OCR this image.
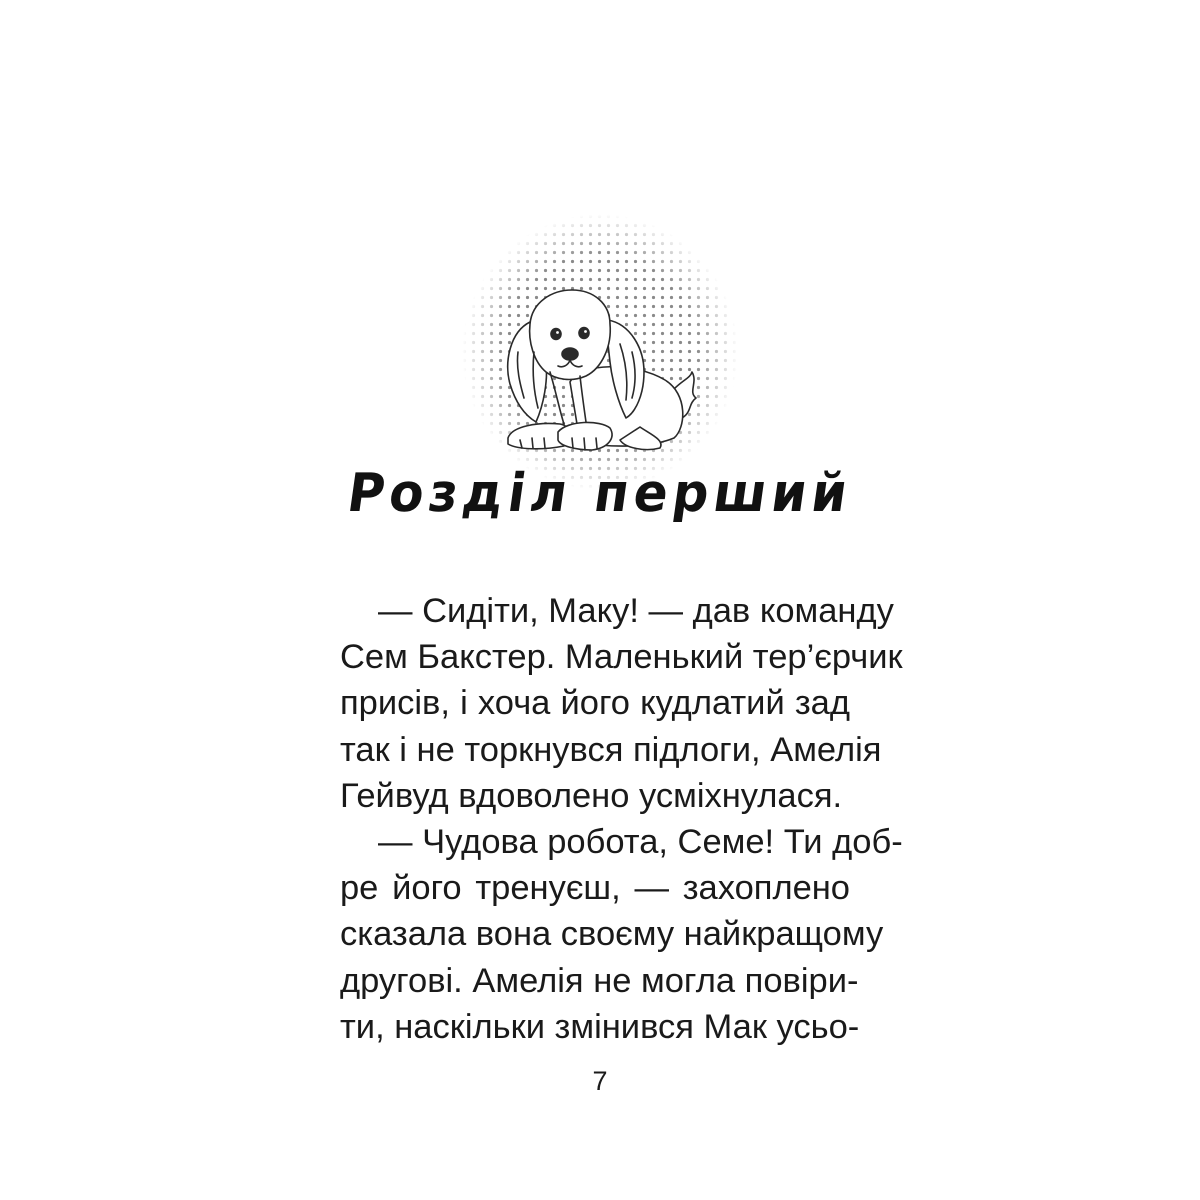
Розділ перший
— Сидіти, Маку! — дав команду
Сем Бакстер. Маленький тер’єрчик
присів, і хоча його кудлатий зад
так і не торкнувся підлоги, Амелія
Гейвуд вдоволено усміхнулася.
— Чудова робота, Семе! Ти доб-
ре його тренуєш, — захоплено
сказала вона своєму найкращому
другові. Амелія не могла повіри-
ти, наскільки змінився Мак усьо-
7
